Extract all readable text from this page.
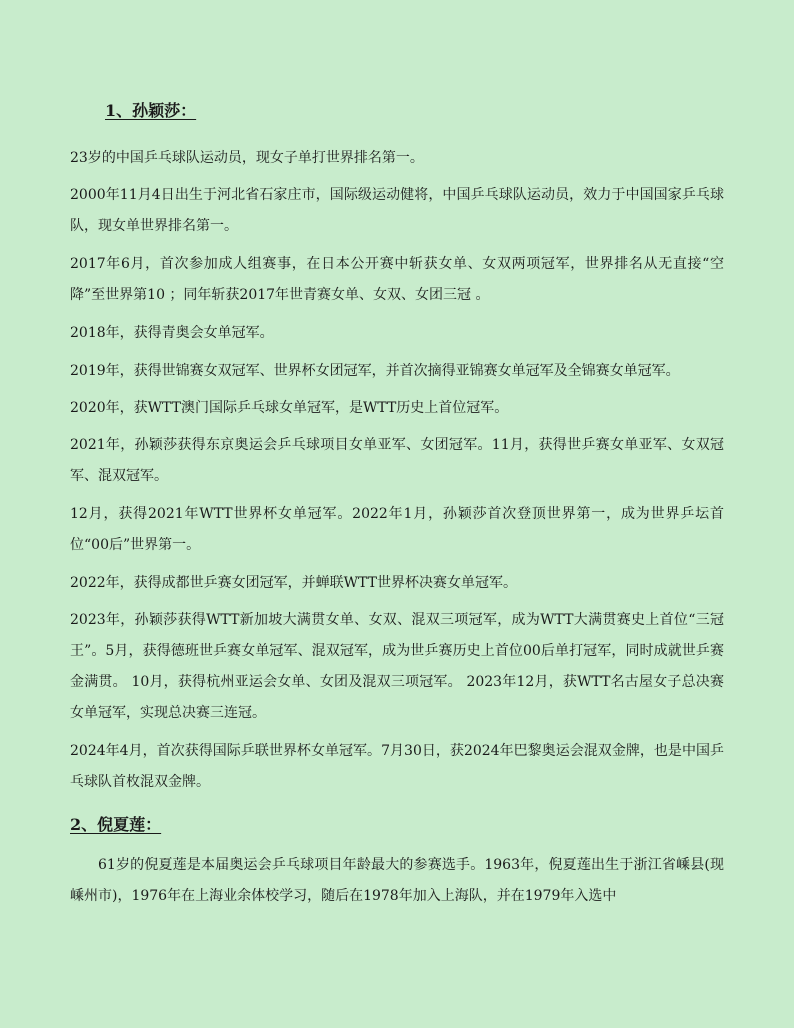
1、孙颖莎：

23岁的中国乒乓球队运动员，现女子单打世界排名第一。

2000年11月4日出生于河北省石家庄市，国际级运动健将，中国乒乓球队运动员，效力于中国国家乒乓球队，现女单世界排名第一。

2017年6月，首次参加成人组赛事，在日本公开赛中斩获女单、女双两项冠军，世界排名从无直接“空降”至世界第10 ；同年斩获2017年世青赛女单、女双、女团三冠 。

2018年，获得青奥会女单冠军。

2019年，获得世锦赛女双冠军、世界杯女团冠军，并首次摘得亚锦赛女单冠军及全锦赛女单冠军。

2020年，获WTT澳门国际乒乓球女单冠军，是WTT历史上首位冠军。

2021年，孙颖莎获得东京奥运会乒乓球项目女单亚军、女团冠军。11月，获得世乒赛女单亚军、女双冠军、混双冠军。

12月，获得2021年WTT世界杯女单冠军。2022年1月，孙颖莎首次登顶世界第一，成为世界乒坛首位“00后”世界第一。

2022年，获得成都世乒赛女团冠军，并蝉联WTT世界杯决赛女单冠军。

2023年，孙颖莎获得WTT新加坡大满贯女单、女双、混双三项冠军，成为WTT大满贯赛史上首位“三冠王”。5月，获得德班世乒赛女单冠军、混双冠军，成为世乒赛历史上首位00后单打冠军，同时成就世乒赛金满贯。 10月，获得杭州亚运会女单、女团及混双三项冠军。 2023年12月，获WTT名古屋女子总决赛女单冠军，实现总决赛三连冠。

2024年4月，首次获得国际乒联世界杯女单冠军。7月30日，获2024年巴黎奥运会混双金牌，也是中国乒乓球队首枚混双金牌。

2、倪夏莲：

61岁的倪夏莲是本届奥运会乒乓球项目年龄最大的参赛选手。1963年，倪夏莲出生于浙江省嵊县(现嵊州市)，1976年在上海业余体校学习，随后在1978年加入上海队，并在1979年入选中
